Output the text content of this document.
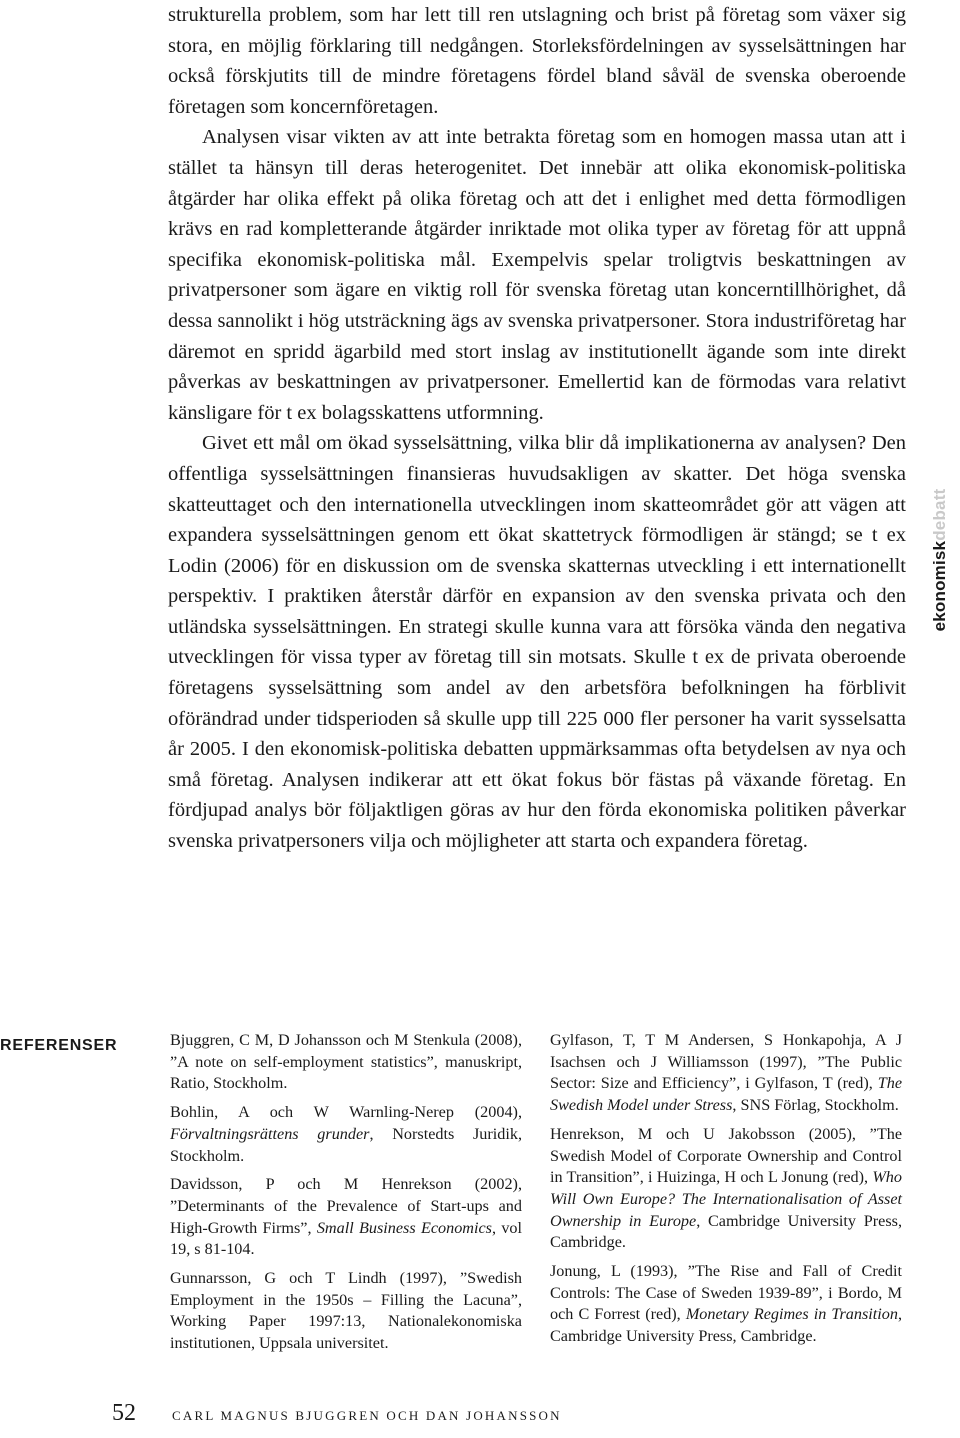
strukturella problem, som har lett till ren utslagning och brist på företag som växer sig stora, en möjlig förklaring till nedgången. Storleksfördelningen av sysselsättningen har också förskjutits till de mindre företagens fördel bland såväl de svenska oberoende företagen som koncernföretagen.

Analysen visar vikten av att inte betrakta företag som en homogen massa utan att i stället ta hänsyn till deras heterogenitet. Det innebär att olika ekonomisk-politiska åtgärder har olika effekt på olika företag och att det i enlighet med detta förmodligen krävs en rad kompletterande åtgärder inriktade mot olika typer av företag för att uppnå specifika ekonomisk-politiska mål. Exempelvis spelar troligtvis beskattningen av privatpersoner som ägare en viktig roll för svenska företag utan koncerntillhörighet, då dessa sannolikt i hög utsträckning ägs av svenska privatpersoner. Stora industriföretag har däremot en spridd ägarbild med stort inslag av institutionellt ägande som inte direkt påverkas av beskattningen av privatpersoner. Emellertid kan de förmodas vara relativt känsligare för t ex bolagsskattens utformning.

Givet ett mål om ökad sysselsättning, vilka blir då implikationerna av analysen? Den offentliga sysselsättningen finansieras huvudsakligen av skatter. Det höga svenska skatteuttaget och den internationella utvecklingen inom skatteområdet gör att vägen att expandera sysselsättningen genom ett ökat skattetryck förmodligen är stängd; se t ex Lodin (2006) för en diskussion om de svenska skatternas utveckling i ett internationellt perspektiv. I praktiken återstår därför en expansion av den svenska privata och den utländska sysselsättningen. En strategi skulle kunna vara att försöka vända den negativa utvecklingen för vissa typer av företag till sin motsats. Skulle t ex de privata oberoende företagens sysselsättning som andel av den arbetsföra befolkningen ha förblivit oförändrad under tidsperioden så skulle upp till 225 000 fler personer ha varit sysselsatta år 2005. I den ekonomisk-politiska debatten uppmärksammas ofta betydelsen av nya och små företag. Analysen indikerar att ett ökat fokus bör fästas på växande företag. En fördjupad analys bör följaktligen göras av hur den förda ekonomiska politiken påverkar svenska privatpersoners vilja och möjligheter att starta och expandera företag.

ekonomiskdebatt
REFERENSER	Bjuggren, C M, D Johansson och M Stenkula (2008), ”A note on self-employment statistics”, manuskript, Ratio, Stockholm.

Bohlin, A och W Warnling-Nerep (2004), Förvaltningsrättens grunder, Norstedts Juridik, Stockholm.

Davidsson, P och M Henrekson (2002), ”Determinants of the Prevalence of Start-ups and High-Growth Firms”, Small Business Economics, vol 19, s 81-104.

Gunnarsson, G och T Lindh (1997), ”Swedish Employment in the 1950s – Filling the Lacuna”, Working Paper 1997:13, Nationalekonomiska institutionen, Uppsala universitet.

Gylfason, T, T M Andersen, S Honkapohja, A J Isachsen och J Williamsson (1997), ”The Public Sector: Size and Efficiency”, i Gylfason, T (red), The Swedish Model under Stress, SNS Förlag, Stockholm.

Henrekson, M och U Jakobsson (2005), ”The Swedish Model of Corporate Ownership and Control in Transition”, i Huizinga, H och L Jonung (red), Who Will Own Europe? The Internationalisation of Asset Ownership in Europe, Cambridge University Press, Cambridge.

Jonung, L (1993), ”The Rise and Fall of Credit Controls: The Case of Sweden 1939-89”, i Bordo, M och C Forrest (red), Monetary Regimes in Transition, Cambridge University Press, Cambridge.

52	CARL MAGNUS BJUGGREN OCH DAN JOHANSSON
